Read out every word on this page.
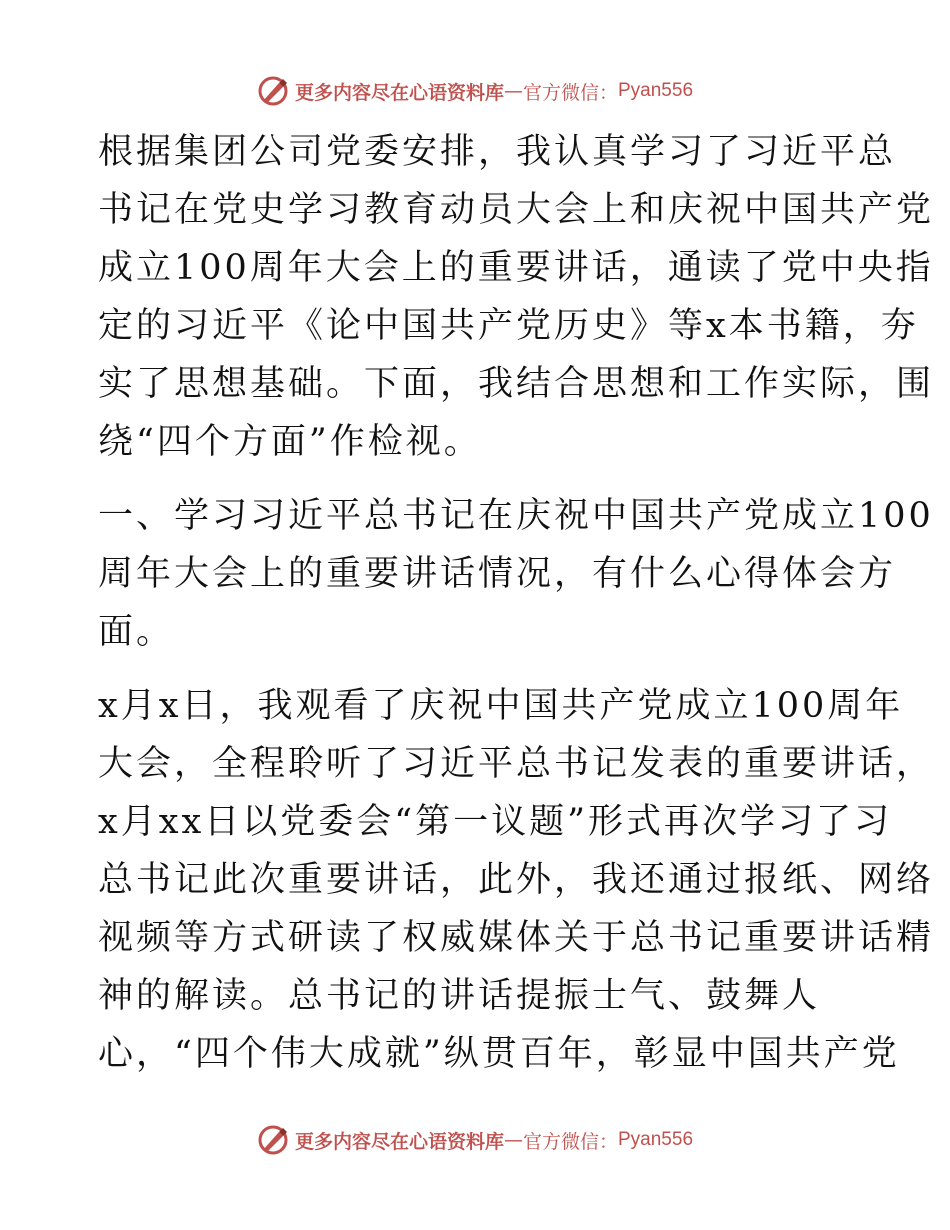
更多内容尽在心语资料库 — 官方微信： Pyan556
根据集团公司党委安排，我认真学习了习近平总
书记在党史学习教育动员大会上和庆祝中国共产党
成立100周年大会上的重要讲话，通读了党中央指
定的习近平《论中国共产党历史》等x本书籍，夯
实了思想基础。下面，我结合思想和工作实际，围
绕“四个方面”作检视。
一、学习习近平总书记在庆祝中国共产党成立100
周年大会上的重要讲话情况，有什么心得体会方
面。
x月x日，我观看了庆祝中国共产党成立100周年
大会，全程聆听了习近平总书记发表的重要讲话，
x月xx日以党委会“第一议题”形式再次学习了习
总书记此次重要讲话，此外，我还通过报纸、网络
视频等方式研读了权威媒体关于总书记重要讲话精
神的解读。总书记的讲话提振士气、鼓舞人
心，“四个伟大成就”纵贯百年，彰显中国共产党
更多内容尽在心语资料库 — 官方微信： Pyan556
